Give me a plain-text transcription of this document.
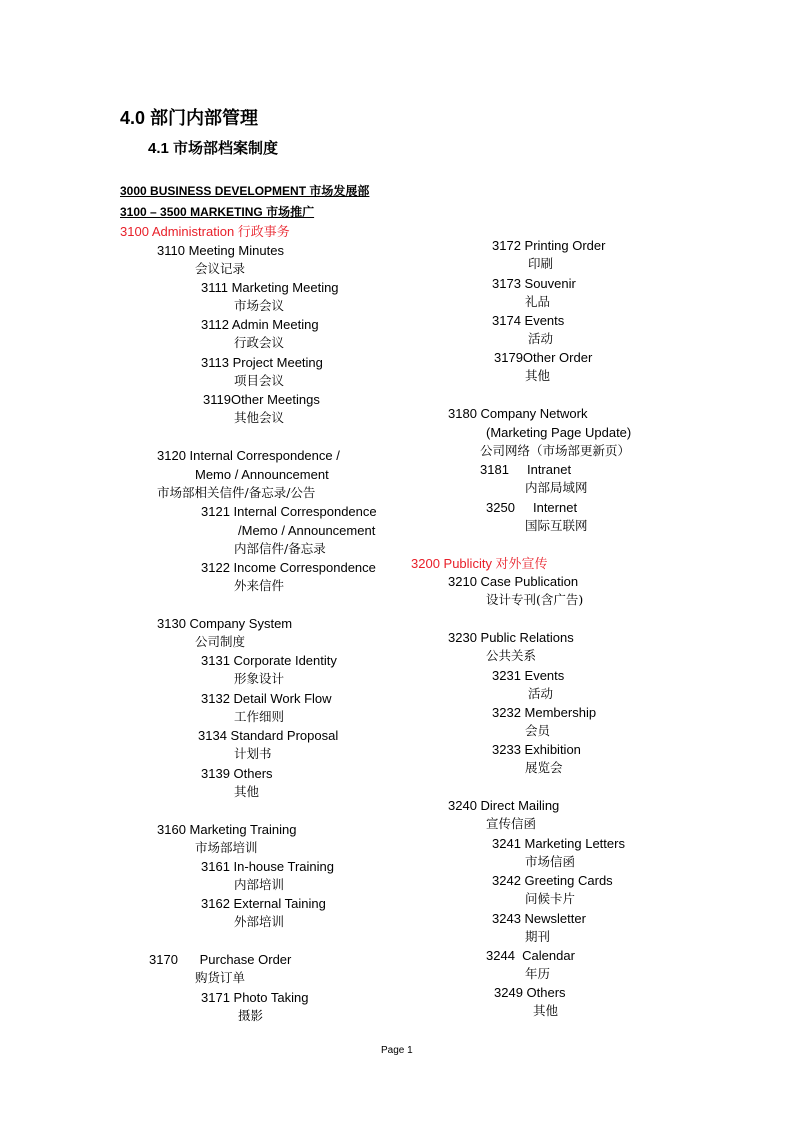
4.0 部门内部管理
4.1 市场部档案制度
3000 BUSINESS DEVELOPMENT 市场发展部
3100 – 3500 MARKETING 市场推广
3100 Administration 行政事务
3110 Meeting Minutes
会议记录
3111 Marketing Meeting
市场会议
3112 Admin Meeting
行政会议
3113 Project Meeting
项目会议
3119Other Meetings
其他会议
3120 Internal Correspondence /
Memo / Announcement
市场部相关信件/备忘录/公告
3121 Internal Correspondence
/Memo / Announcement
内部信件/备忘录
3122 Income Correspondence
外来信件
3130 Company System
公司制度
3131 Corporate Identity
形象设计
3132 Detail Work Flow
工作细则
3134 Standard Proposal
计划书
3139 Others
其他
3160 Marketing Training
市场部培训
3161 In-house Training
内部培训
3162 External Taining
外部培训
3170      Purchase Order
购货订单
3171 Photo Taking
摄影
3172 Printing Order
印刷
3173 Souvenir
礼品
3174 Events
活动
3179Other Order
其他
3180 Company Network
(Marketing Page Update)
公司网络（市场部更新页）
3181     Intranet
内部局域网
3250     Internet
国际互联网
3200 Publicity 对外宣传
3210 Case Publication
设计专刊(含广告)
3230 Public Relations
公共关系
3231 Events
活动
3232 Membership
会员
3233 Exhibition
展览会
3240 Direct Mailing
宣传信函
3241 Marketing Letters
市场信函
3242 Greeting Cards
问候卡片
3243 Newsletter
期刊
3244  Calendar
年历
3249 Others
其他
Page 1
